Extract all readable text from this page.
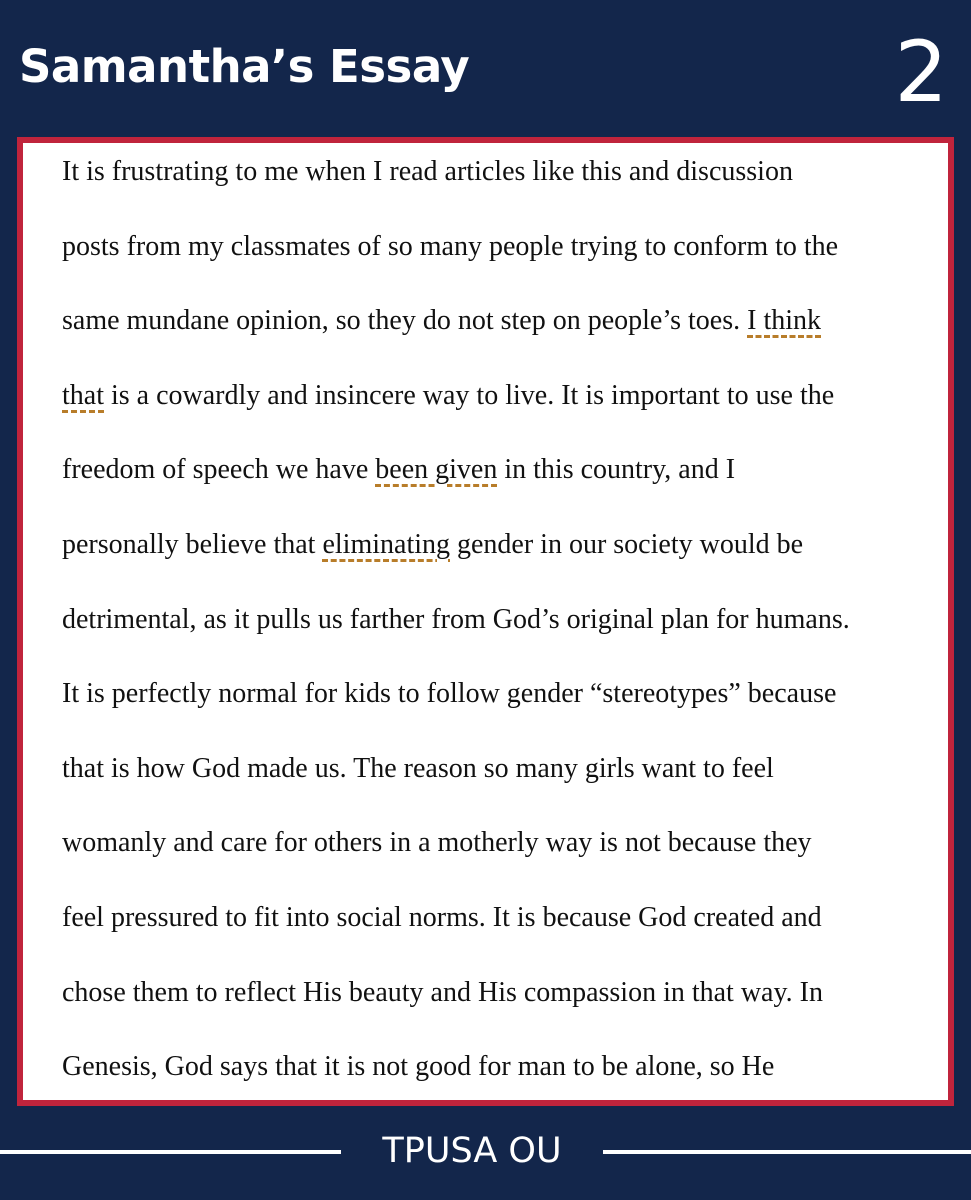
Samantha’s Essay	2
It is frustrating to me when I read articles like this and discussion
posts from my classmates of so many people trying to conform to the
same mundane opinion, so they do not step on people’s toes. I think
that is a cowardly and insincere way to live. It is important to use the
freedom of speech we have been given in this country, and I
personally believe that eliminating gender in our society would be
detrimental, as it pulls us farther from God’s original plan for humans.
It is perfectly normal for kids to follow gender “stereotypes” because
that is how God made us. The reason so many girls want to feel
womanly and care for others in a motherly way is not because they
feel pressured to fit into social norms. It is because God created and
chose them to reflect His beauty and His compassion in that way. In
Genesis, God says that it is not good for man to be alone, so He
TPUSA OU
